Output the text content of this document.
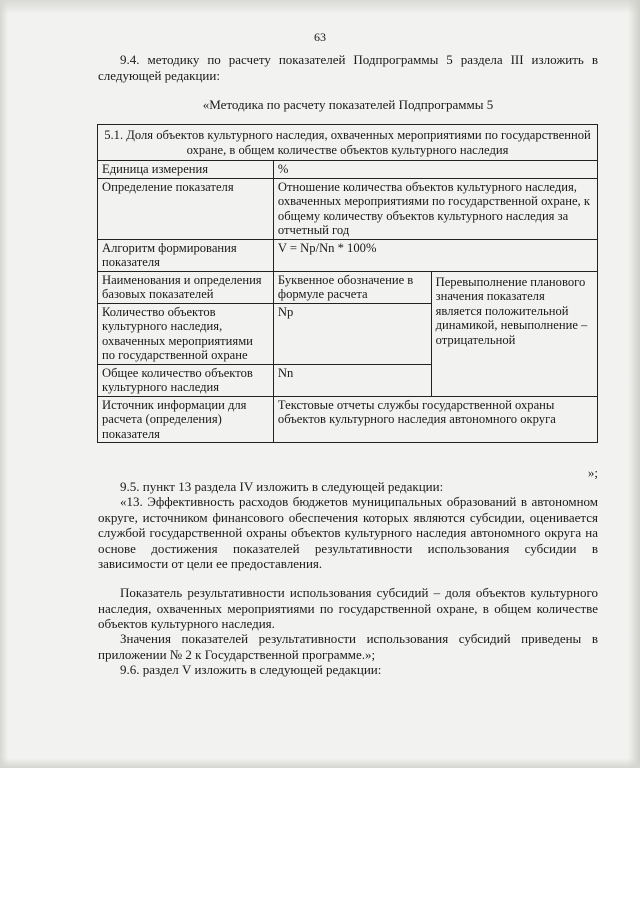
63

9.4. методику по расчету показателей Подпрограммы 5 раздела III изложить в следующей редакции:

«Методика по расчету показателей Подпрограммы 5

5.1. Доля объектов культурного наследия, охваченных мероприятиями по государственной охране, в общем количестве объектов культурного наследия		
Единица измерения	%	
Определение показателя	Отношение количества объектов культурного наследия, охваченных мероприятиями по государственной охране, к общему количеству объектов культурного наследия за отчетный год	
Алгоритм формирования показателя	V = Np/Nn * 100%	
Наименования и определения базовых показателей	Буквенное обозначение в формуле расчета	Перевыполнение планового значения показателя является положительной динамикой, невыполнение – отрицательной
Количество объектов культурного наследия, охваченных мероприятиями по государственной охране	Np	
Общее количество объектов культурного наследия	Nn	
Источник информации для расчета (определения) показателя	Текстовые отчеты службы государственной охраны объектов культурного наследия автономного округа	

»;

9.5. пункт 13 раздела IV изложить в следующей редакции:

«13. Эффективность расходов бюджетов муниципальных образований в автономном округе, источником финансового обеспечения которых являются субсидии, оценивается службой государственной охраны объектов культурного наследия автономного округа на основе достижения показателей результативности использования субсидии в зависимости от цели ее предоставления.

Показатель результативности использования субсидий – доля объектов культурного наследия, охваченных мероприятиями по государственной охране, в общем количестве объектов культурного наследия.

Значения показателей результативности использования субсидий приведены в приложении № 2 к Государственной программе.»;

9.6. раздел V изложить в следующей редакции:
